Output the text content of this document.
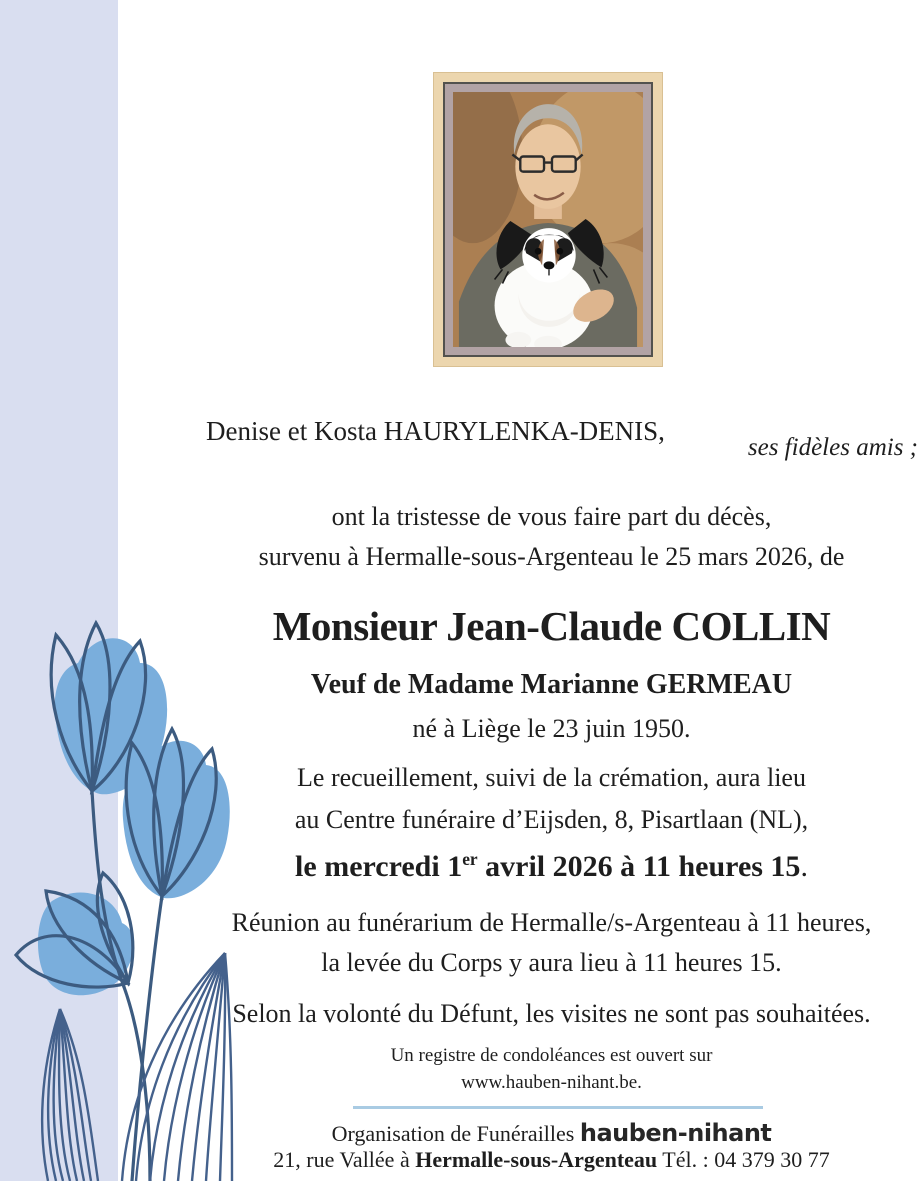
Denise et Kosta HAURYLENKA-DENIS,
ses fidèles amis ;
ont la tristesse de vous faire part du décès,
survenu à Hermalle-sous-Argenteau le 25 mars 2026, de
Monsieur Jean-Claude COLLIN
Veuf de Madame Marianne GERMEAU
né à Liège le 23 juin 1950.
Le recueillement, suivi de la crémation, aura lieu
au Centre funéraire d’Eijsden, 8, Pisartlaan (NL),
le mercredi 1er avril 2026 à 11 heures 15.
Réunion au funérarium de Hermalle/s-Argenteau à 11 heures,
la levée du Corps y aura lieu à 11 heures 15.
Selon la volonté du Défunt, les visites ne sont pas souhaitées.
Un registre de condoléances est ouvert sur
www.hauben-nihant.be.
Organisation de Funérailles hauben-nihant
21, rue Vallée à Hermalle-sous-Argenteau Tél. : 04 379 30 77
